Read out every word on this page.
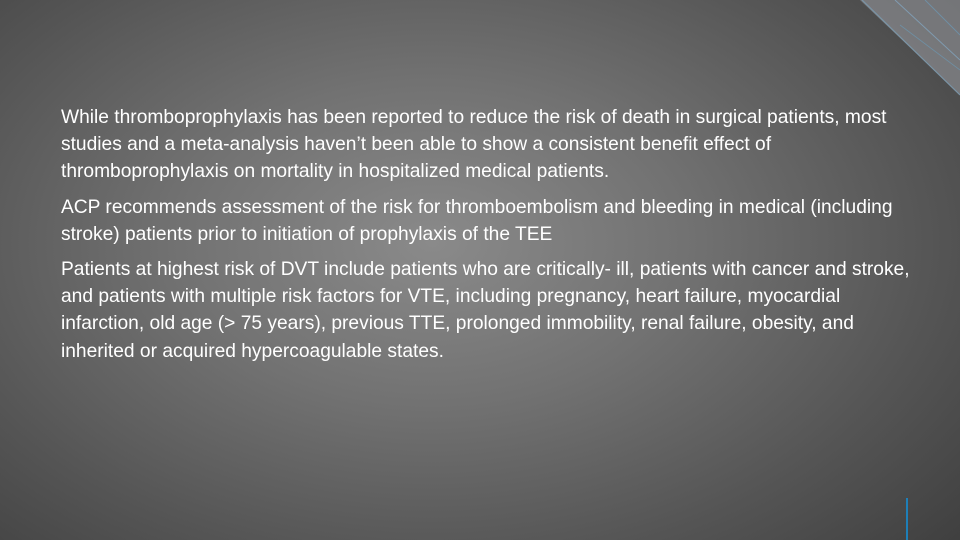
While thromboprophylaxis has been reported to reduce the risk of death in surgical patients, most studies and a meta-analysis haven’t been able to show a consistent benefit effect of thromboprophylaxis on mortality in hospitalized medical patients.

ACP recommends assessment of the risk for thromboembolism and bleeding in medical (including stroke) patients prior to initiation of prophylaxis of the TEE

Patients at highest risk of DVT include patients who are critically- ill, patients with cancer and stroke, and patients with multiple risk factors for VTE, including pregnancy, heart failure, myocardial infarction, old age (> 75 years), previous TTE, prolonged immobility, renal failure, obesity, and inherited or acquired hypercoagulable states.
